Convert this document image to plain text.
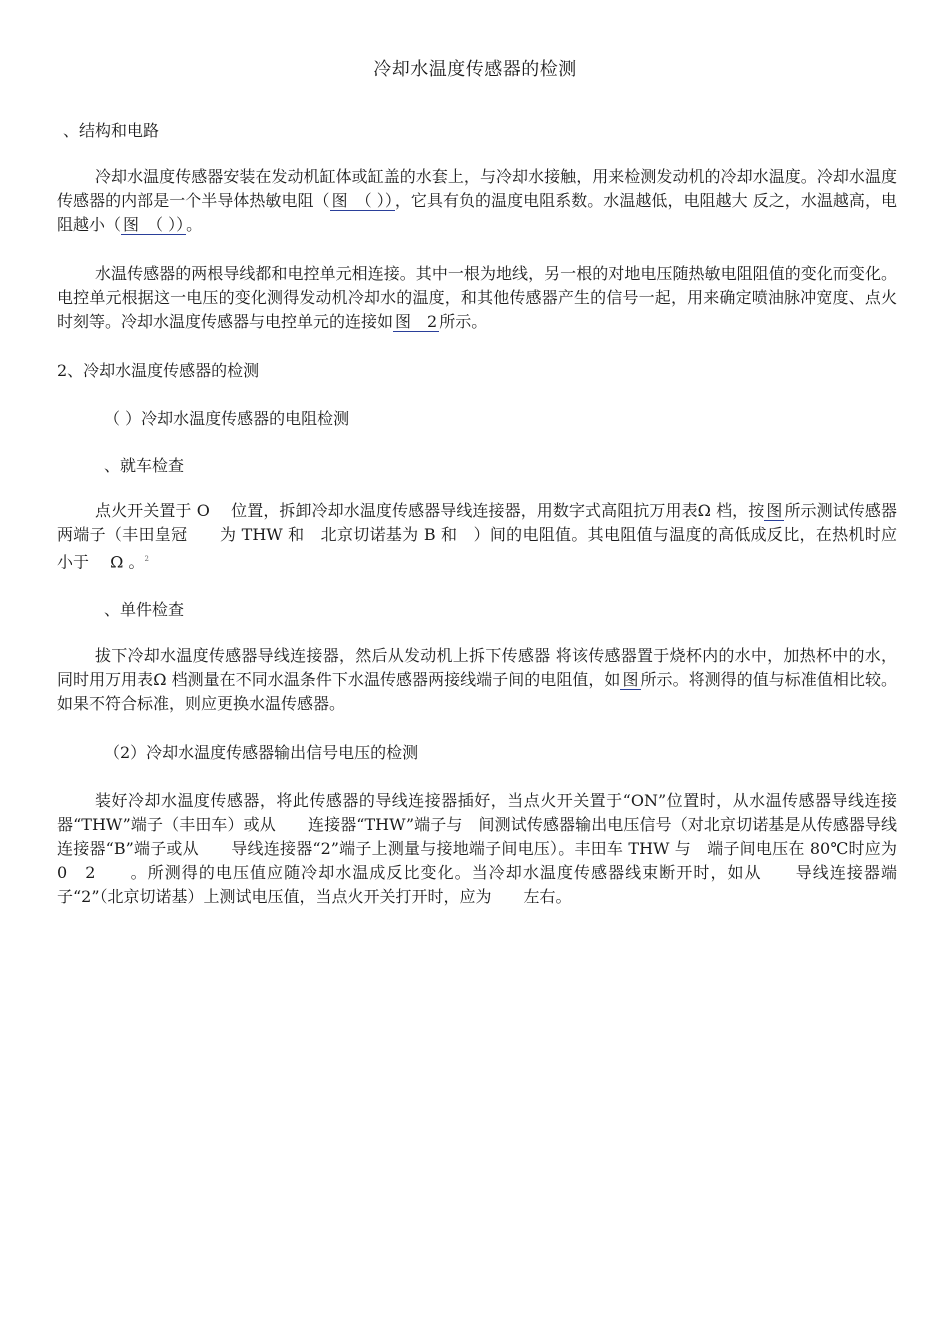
冷却水温度传感器的检测
、结构和电路
冷却水温度传感器安装在发动机缸体或缸盖的水套上，与冷却水接触，用来检测发动机的冷却水温度。冷却水温度传感器的内部是一个半导体热敏电阻（ 图　（ ）） ，它具有负的温度电阻系数。水温越低，电阻越大 反之，水温越高，电阻越小（ 图　（ ）） 。
水温传感器的两根导线都和电控单元相连接。其中一根为地线，另一根的对地电压随热敏电阻阻值的变化而变化。电控单元根据这一电压的变化测得发动机冷却水的温度，和其他传感器产生的信号一起，用来确定喷油脉冲宽度、点火时刻等。冷却水温度传感器与电控单元的连接如 图　2 所示。
2、冷却水温度传感器的检测
（ ）冷却水温度传感器的电阻检测
、就车检查
点火开关置于 O　 位置，拆卸冷却水温度传感器导线连接器，用数字式高阻抗万用表Ω 档，按 图 所示测试传感器两端子（丰田皇冠　　为 THW 和　北京切诺基为 B 和　）间的电阻值。其电阻值与温度的高低成反比，在热机时应小于　 Ω 。$^2$
、单件检查
拔下冷却水温度传感器导线连接器，然后从发动机上拆下传感器 将该传感器置于烧杯内的水中，加热杯中的水，同时用万用表Ω 档测量在不同水温条件下水温传感器两接线端子间的电阻值，如 图 所示。将测得的值与标准值相比较。如果不符合标准，则应更换水温传感器。
（2）冷却水温度传感器输出信号电压的检测
装好冷却水温度传感器，将此传感器的导线连接器插好，当点火开关置于“ON”位置时，从水温传感器导线连接器“THW”端子（丰田车）或从　　连接器“THW”端子与　间测试传感器输出电压信号（对北京切诺基是从传感器导线连接器“B”端子或从　　导线连接器“2”端子上测量与接地端子间电压）。丰田车 THW 与　端子间电压在 80℃时应为 0　2　　。所测得的电压值应随冷却水温成反比变化。当冷却水温度传感器线束断开时，如从　　导线连接器端子“2”（北京切诺基）上测试电压值，当点火开关打开时，应为　　左右。
